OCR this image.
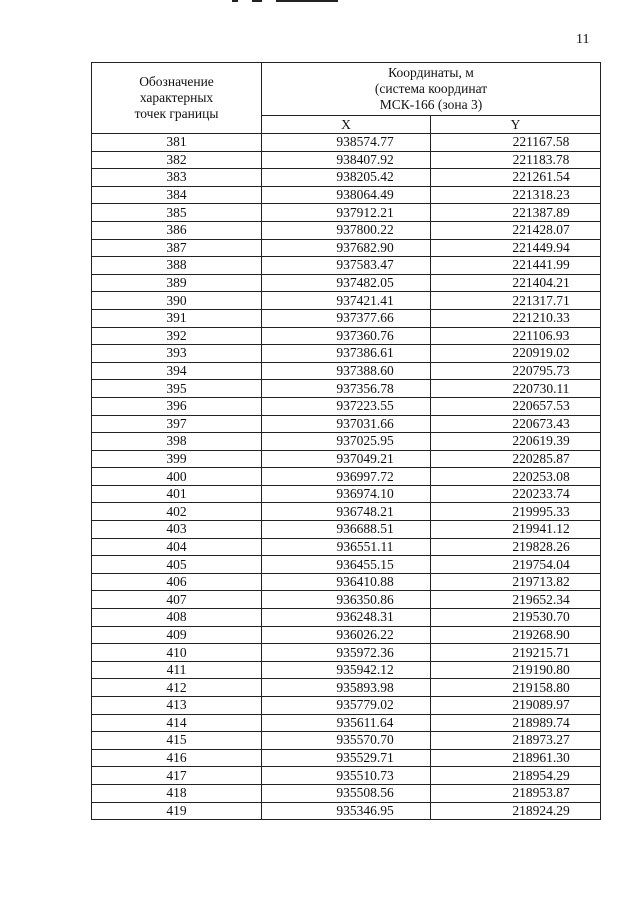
11
Обозначение
характерных
точек границы	Координаты, м
(система координат
МСК-166 (зона 3)	

	X	Y
381	938574.77	221167.58
382	938407.92	221183.78
383	938205.42	221261.54
384	938064.49	221318.23
385	937912.21	221387.89
386	937800.22	221428.07
387	937682.90	221449.94
388	937583.47	221441.99
389	937482.05	221404.21
390	937421.41	221317.71
391	937377.66	221210.33
392	937360.76	221106.93
393	937386.61	220919.02
394	937388.60	220795.73
395	937356.78	220730.11
396	937223.55	220657.53
397	937031.66	220673.43
398	937025.95	220619.39
399	937049.21	220285.87
400	936997.72	220253.08
401	936974.10	220233.74
402	936748.21	219995.33
403	936688.51	219941.12
404	936551.11	219828.26
405	936455.15	219754.04
406	936410.88	219713.82
407	936350.86	219652.34
408	936248.31	219530.70
409	936026.22	219268.90
410	935972.36	219215.71
411	935942.12	219190.80
412	935893.98	219158.80
413	935779.02	219089.97
414	935611.64	218989.74
415	935570.70	218973.27
416	935529.71	218961.30
417	935510.73	218954.29
418	935508.56	218953.87
419	935346.95	218924.29
